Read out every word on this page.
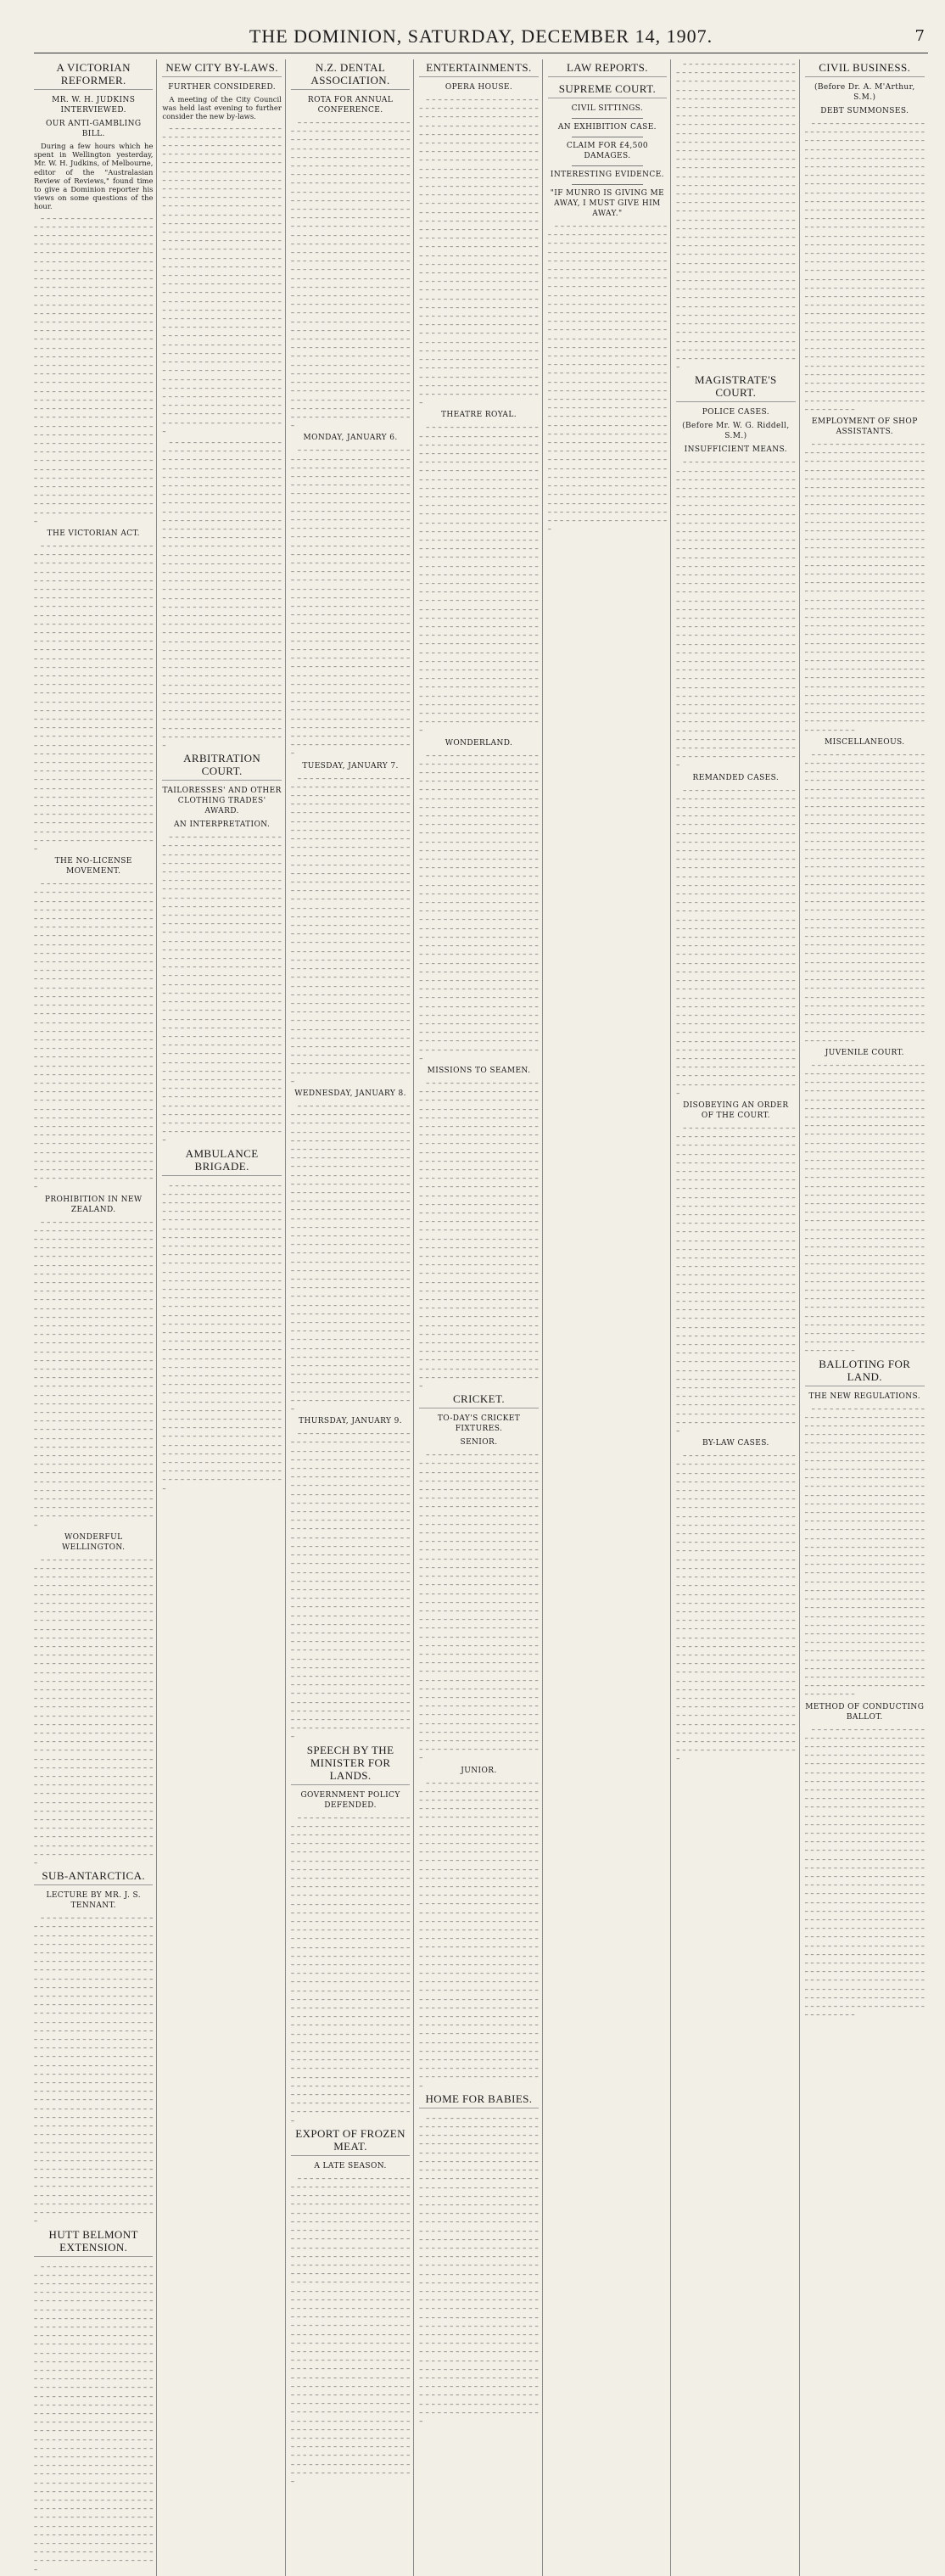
THE DOMINION, SATURDAY, DECEMBER 14, 1907.	7
A VICTORIAN REFORMER.
MR. W. H. JUDKINS INTERVIEWED.
OUR ANTI-GAMBLING BILL.

During a few hours which he spent in Wellington yesterday, Mr. W. H. Judkins, of Melbourne, editor of the "Australasian Review of Reviews," found time to give a Dominion reporter his views on some questions of the hour.

– – – – – – – – – – – – – – – – – – – – – – – – – – – – – – – – – – – – – – – – – – – – – – – – – – – – – – – – – – – – – – – – – – – – – – – – – – – – – – – – – – – – – – – – – – – – – – – – – – – – – – – – – – – – – – – – – – – – – – – – – – – – – – – – – – – – – – – – – – – – – – – – – – – – – – – – – – – – – – – – – – – – – – – – – – – – – – – – – – – – – – – – – – – – – – – – – – – – – – – – – – – – – – – – – – – – – – – – – – – – – – – – – – – – – – – – – – – – – – – – – – – – – – – – – – – – – – – – – – – – – – – – – – – – – – – – – – – – – – – – – – – – – – – – – – – – – – – – – – – – – – – – – – – – – – – – – – – – – – – – – – – – – – – – – – – – – – – – – – – – – – – – – – – – – – – – – – – – – – – – – – – – – – – – – – – – – – – – – – – – – – – – – – – – – – – – – – – – – – – – – – – – – – – – – – – – – – – – – – – – – – – – – – – – – – – – – – – – – – – – – – – – – – – – – – – – – – – – – – – – – – – – – – – – – – – – – – – – – – – – – – – – – – – – – – – – – – – – – – – – – – – – – – – – – – – – – – – – – – – – – – – – – – – – – – – – – – – – – – – – – – – – – – – – – – – – – – – – – – – – – – – – – – – – – – – – – – – – – – – – – – – – – – – – – – – – – – – – – – – – – – – – – – – – – – – – – – – – – – – – – – – – – – – – – – – – – – – – – – – – – – – – – – – – – – – – – – – – – – – – – – – – – – – – – – – – – – – – – – – – – – – – – – – – – – – – – – – – – – – –

THE VICTORIAN ACT.

– – – – – – – – – – – – – – – – – – – – – – – – – – – – – – – – – – – – – – – – – – – – – – – – – – – – – – – – – – – – – – – – – – – – – – – – – – – – – – – – – – – – – – – – – – – – – – – – – – – – – – – – – – – – – – – – – – – – – – – – – – – – – – – – – – – – – – – – – – – – – – – – – – – – – – – – – – – – – – – – – – – – – – – – – – – – – – – – – – – – – – – – – – – – – – – – – – – – – – – – – – – – – – – – – – – – – – – – – – – – – – – – – – – – – – – – – – – – – – – – – – – – – – – – – – – – – – – – – – – – – – – – – – – – – – – – – – – – – – – – – – – – – – – – – – – – – – – – – – – – – – – – – – – – – – – – – – – – – – – – – – – – – – – – – – – – – – – – – – – – – – – – – – – – – – – – – – – – – – – – – – – – – – – – – – – – – – – – – – – – – – – – – – – – – – – – – – – – – – – – – – – – – – – – – – – – – – – – – – – – – – – – – – – – – – – – – – – – – – – – – – – – – – – – – – – – – – – – – – – – – – – – – – – – – – – – – – – – – – – – – – – – – – – – – – – – – – – – – – – – – – – – – – – – – – – – – – – – – – – – – – – – – – – – – – – – – – – – – – – – – – – – – – – – – – – – – – – – – – – – – – – – – – – – – – – – – – – – – – – – – – – – – – – – – – – – – – – – – – – – – – – – – – – – – – – – – – – – – – – – – – – – – – – – – – – – – – – – – – – – – – – – – – – – – – – – – – – – – – – – – – – – – – – – – – – – – – – – – – – – – – – – – – – – – – – – – – – – – – – –

THE NO-LICENSE MOVEMENT.

– – – – – – – – – – – – – – – – – – – – – – – – – – – – – – – – – – – – – – – – – – – – – – – – – – – – – – – – – – – – – – – – – – – – – – – – – – – – – – – – – – – – – – – – – – – – – – – – – – – – – – – – – – – – – – – – – – – – – – – – – – – – – – – – – – – – – – – – – – – – – – – – – – – – – – – – – – – – – – – – – – – – – – – – – – – – – – – – – – – – – – – – – – – – – – – – – – – – – – – – – – – – – – – – – – – – – – – – – – – – – – – – – – – – – – – – – – – – – – – – – – – – – – – – – – – – – – – – – – – – – – – – – – – – – – – – – – – – – – – – – – – – – – – – – – – – – – – – – – – – – – – – – – – – – – – – – – – – – – – – – – – – – – – – – – – – – – – – – – – – – – – – – – – – – – – – – – – – – – – – – – – – – – – – – – – – – – – – – – – – – – – – – – – – – – – – – – – – – – – – – – – – – – – – – – – – – – – – – – – – – – – – – – – – – – – – – – – – – – – – – – – – – – – – – – – – – – – – – – – – – – – – – – – – – – – – – – – – – – – – – – – – – – – – – – – – – – – – – – – – – – – – – – – – – – – – – – – – – – – – – – – – – – – – – – – – – – – – – – – – – – – – – – – – – – – – – – – – – – – – – – – – – – – – – – – – – – – – – – – – – – – – – – – – – – – – – – – – – – – – – – – – – – – – – – – – – – – – – – – – – – – – – – – – – – – – – – – – – – – – – – – – – – – – – – – – – – – – – – – – – – – – – – – – – – – – – – – – – – – – – – – – – – – – – – – – – – – – – – – –

PROHIBITION IN NEW ZEALAND.

– – – – – – – – – – – – – – – – – – – – – – – – – – – – – – – – – – – – – – – – – – – – – – – – – – – – – – – – – – – – – – – – – – – – – – – – – – – – – – – – – – – – – – – – – – – – – – – – – – – – – – – – – – – – – – – – – – – – – – – – – – – – – – – – – – – – – – – – – – – – – – – – – – – – – – – – – – – – – – – – – – – – – – – – – – – – – – – – – – – – – – – – – – – – – – – – – – – – – – – – – – – – – – – – – – – – – – – – – – – – – – – – – – – – – – – – – – – – – – – – – – – – – – – – – – – – – – – – – – – – – – – – – – – – – – – – – – – – – – – – – – – – – – – – – – – – – – – – – – – – – – – – – – – – – – – – – – – – – – – – – – – – – – – – – – – – – – – – – – – – – – – – – – – – – – – – – – – – – – – – – – – – – – – – – – – – – – – – – – – – – – – – – – – – – – – – – – – – – – – – – – – – – – – – – – – – – – – – – – – – – – – – – – – – – – – – – – – – – – – – – – – – – – – – – – – – – – – – – – – – – – – – – – – – – – – – – – – – – – – – – – – – – – – – – – – – – – – – – – – – – – – – – – – – – – – – – – – – – – – – – – – – – – – – – – – – – – – – – – – – – – – – – – – – – – – – – – – – – – – – – – – – – – – – – – – – – – – – – – – – – – – – – – – – – – – – – – – – – – – – – – – – – – – – – – – – – – – – – – – – – – – – – – – – – – – – – – – – – – – – – – – – – – – – – – – – – – – – – – – – – – – – – – – – – – – – – – – – – – – – – – – – – – – – – – – – – – – – – – – –

WONDERFUL WELLINGTON.

– – – – – – – – – – – – – – – – – – – – – – – – – – – – – – – – – – – – – – – – – – – – – – – – – – – – – – – – – – – – – – – – – – – – – – – – – – – – – – – – – – – – – – – – – – – – – – – – – – – – – – – – – – – – – – – – – – – – – – – – – – – – – – – – – – – – – – – – – – – – – – – – – – – – – – – – – – – – – – – – – – – – – – – – – – – – – – – – – – – – – – – – – – – – – – – – – – – – – – – – – – – – – – – – – – – – – – – – – – – – – – – – – – – – – – – – – – – – – – – – – – – – – – – – – – – – – – – – – – – – – – – – – – – – – – – – – – – – – – – – – – – – – – – – – – – – – – – – – – – – – – – – – – – – – – – – – – – – – – – – – – – – – – – – – – – – – – – – – – – – – – – – – – – – – – – – – – – – – – – – – – – – – – – – – – – – – – – – – – – – – – – – – – – – – – – – – – – – – – – – – – – – – – – – – – – – – – – – – – – – – – – – – – – – – – – – – – – – – – – – – – – – – – – – – – – – – – – – – – – – – – – – – – – – – – – – – – – – – – – – – – – – – – – – – – – – – – – – – – – – – – – – – – – – – – – – – – – – – – – – – – – – – – – – – – – – – – – – – – – – – – – – – – – – – – – – – – – – – – – – – – – – – – – – – – – – – – – – – – – – – – – – – – – – – – – – – – – – – – – – – – – – – – – – – – – – – – – – – – – – – – – – – – – – – – – – – – – – – – – – – – – – – – – – – – – – – – – – – – – – – – – – – – – – – – – – – – – – – – – – – – – – – – – – – – – – – – – – – – – –

SUB-ANTARCTICA.
LECTURE BY MR. J. S. TENNANT.

– – – – – – – – – – – – – – – – – – – – – – – – – – – – – – – – – – – – – – – – – – – – – – – – – – – – – – – – – – – – – – – – – – – – – – – – – – – – – – – – – – – – – – – – – – – – – – – – – – – – – – – – – – – – – – – – – – – – – – – – – – – – – – – – – – – – – – – – – – – – – – – – – – – – – – – – – – – – – – – – – – – – – – – – – – – – – – – – – – – – – – – – – – – – – – – – – – – – – – – – – – – – – – – – – – – – – – – – – – – – – – – – – – – – – – – – – – – – – – – – – – – – – – – – – – – – – – – – – – – – – – – – – – – – – – – – – – – – – – – – – – – – – – – – – – – – – – – – – – – – – – – – – – – – – – – – – – – – – – – – – – – – – – – – – – – – – – – – – – – – – – – – – – – – – – – – – – – – – – – – – – – – – – – – – – – – – – – – – – – – – – – – – – – – – – – – – – – – – – – – – – – – – – – – – – – – – – – – – – – – – – – – – – – – – – – – – – – – – – – – – – – – – – – – – – – – – – – – – – – – – – – – – – – – – – – – – – – – – – – – – – – – – – – – – – – – – – – – – – – – – – – – – – – – – – – – – – – – – – – – – – – – – – – – – – – – – – – – – – – – – – – – – – – – – – – – – – – – – – – – – – – – – – – – – – – – – – – – – – – – – – – – – – – – – – – – – – – – – – – – – – – – – – – – – – – – – – – – – – – – – – – – – – – – – – – – – – – – – – – – – – – – – – – – – – – – – – – – – – – – – – – – – – – – – – – – – – – – – – – – – – – – – – – – – – – – – – – – – – – –

HUTT BELMONT EXTENSION.

– – – – – – – – – – – – – – – – – – – – – – – – – – – – – – – – – – – – – – – – – – – – – – – – – – – – – – – – – – – – – – – – – – – – – – – – – – – – – – – – – – – – – – – – – – – – – – – – – – – – – – – – – – – – – – – – – – – – – – – – – – – – – – – – – – – – – – – – – – – – – – – – – – – – – – – – – – – – – – – – – – – – – – – – – – – – – – – – – – – – – – – – – – – – – – – – – – – – – – – – – – – – – – – – – – – – – – – – – – – – – – – – – – – – – – – – – – – – – – – – – – – – – – – – – – – – – – – – – – – – – – – – – – – – – – – – – – – – – – – – – – – – – – – – – – – – – – – – – – – – – – – – – – – – – – – – – – – – – – – – – – – – – – – – – – – – – – – – – – – – – – – – – – – – – – – – – – – – – – – – – – – – – – – – – – – – – – – – – – – – – – – – – – – – – – – – – – – – – – – – – – – – – – – – – – – – – – – – – – – – – – – – – – – – – – – – – – – – – – – – – – – – – – – – – – – – – – – – – – – – – – – – – – – – – – – – – – – – – – – – – – – – – – – – – – – – – – – – – – – – – – – – – – – – – – – – – – – – – – – – – – – – – – – – – – – – – – – – – – – – – – – – – – – – – – – – – – – – – – – – – – – – – – – – – – – – – – – – – – – – – – – – – – – – – – – – – – – – – – – – – – – – – – – – – – – – – – – – – – – – – – – – – – – – – – – – – – – – – – – – – – – – – – – – – – – – – – – – – – – – – – – – – – – – – – – – – – – – – – – – – – – – – – – – – – – – – – – – – – – –

NEW CITY BY-LAWS.
FURTHER CONSIDERED.

A meeting of the City Council was held last evening to further consider the new by-laws.

– – – – – – – – – – – – – – – – – – – – – – – – – – – – – – – – – – – – – – – – – – – – – – – – – – – – – – – – – – – – – – – – – – – – – – – – – – – – – – – – – – – – – – – – – – – – – – – – – – – – – – – – – – – – – – – – – – – – – – – – – – – – – – – – – – – – – – – – – – – – – – – – – – – – – – – – – – – – – – – – – – – – – – – – – – – – – – – – – – – – – – – – – – – – – – – – – – – – – – – – – – – – – – – – – – – – – – – – – – – – – – – – – – – – – – – – – – – – – – – – – – – – – – – – – – – – – – – – – – – – – – – – – – – – – – – – – – – – – – – – – – – – – – – – – – – – – – – – – – – – – – – – – – – – – – – – – – – – – – – – – – – – – – – – – – – – – – – – – – – – – – – – – – – – – – – – – – – – – – – – – – – – – – – – – – – – – – – – – – – – – – – – – – – – – – – – – – – – – – – – – – – – – – – – – – – – – – – – – – – – – – – – – – – – – – – – – – – – – – – – – – – – – – – – – – – – – – – – – – – – – – – – – – – – – – – – – – – – – – – – – – – – – – – – – – – – – – – – – – – – – – – – – – – – – – – – – – – – – – – – – – – – – – – – – – – – – – – – – – – – – – – – – – – – – – – – – – – – – – – – – – – – – – – – – – – – – – – – – – – – – – – – – – – – – – – – – – – – – – – – – – – – – – – – – – – – – – – – – – – – – – – – – – – – – – – – – – – – – – – – – – – – – – – – – – – – – – – – – – – – – – – – – – – – – – – – – – – – – – – – – – – – – – – – – – – – – – – – – – – –

– – – – – – – – – – – – – – – – – – – – – – – – – – – – – – – – – – – – – – – – – – – – – – – – – – – – – – – – – – – – – – – – – – – – – – – – – – – – – – – – – – – – – – – – – – – – – – – – – – – – – – – – – – – – – – – – – – – – – – – – – – – – – – – – – – – – – – – – – – – – – – – – – – – – – – – – – – – – – – – – – – – – – – – – – – – – – – – – – – – – – – – – – – – – – – – – – – – – – – – – – – – – – – – – – – – – – – – – – – – – – – – – – – – – – – – – – – – – – – – – – – – – – – – – – – – – – – – – – – – – – – – – – – – – – – – – – – – – – – – – – – – – – – – – – – – – – – – – – – – – – – – – – – – – – – – – – – – – – – – – – – – – – – – – – – – – – – – – – – – – – – – – – – – – – – – – – – – – – – – – – – – – – – – – – – – – – – – – – – – – – – – – – – – – – – – – – – – – – – – – – – – – – – – – – – – – – – – – – – – – – – – – – – – – – – – – – – – – – – – – – – – – – – – – – – – – – – – – – – – – – – – – – – – – – – – – – – – – – – – – – – – – – – – – – – – – – – – – – – – – – – – – – – – – – – – – – – – – – – – – – – – – – – – – – – – – – – – – – – – – – – – – – – – – – – – – – – – – – – – – – – – – – – – – – – – – – – – – – – – – – – – – – – – – – – – – – – – – – – – – – – – – – – – – – – – – – – – – – – – – – – – – – – – – – – – – – – – – – – – – – – – – – – – – – – – – – – – – – – – – – – – – – – – – – – – – – – – – – – – – – – – – – – – – – – – – – – – – – – – –

ARBITRATION COURT.
TAILORESSES' AND OTHER CLOTHING TRADES' AWARD.
AN INTERPRETATION.

– – – – – – – – – – – – – – – – – – – – – – – – – – – – – – – – – – – – – – – – – – – – – – – – – – – – – – – – – – – – – – – – – – – – – – – – – – – – – – – – – – – – – – – – – – – – – – – – – – – – – – – – – – – – – – – – – – – – – – – – – – – – – – – – – – – – – – – – – – – – – – – – – – – – – – – – – – – – – – – – – – – – – – – – – – – – – – – – – – – – – – – – – – – – – – – – – – – – – – – – – – – – – – – – – – – – – – – – – – – – – – – – – – – – – – – – – – – – – – – – – – – – – – – – – – – – – – – – – – – – – – – – – – – – – – – – – – – – – – – – – – – – – – – – – – – – – – – – – – – – – – – – – – – – – – – – – – – – – – – – – – – – – – – – – – – – – – – – – – – – – – – – – – – – – – – – – – – – – – – – – – – – – – – – – – – – – – – – – – – – – – – – – – – – – – – – – – – – – – – – – – – – – – – – – – – – – – – – – – – – – – – – – – – – – – – – – – – – – – – – – – – – – – – – – – – – – – – – – – – – – – – – – – – – – – – – – – – – – – – – – – – – – – – – – – – – – – – – – – – – – – – – – – – – – – – – – – – – – – – – – – – – – – – – – – – – – – – – – – – – – – – – – – – – – – – – – – – – – – – – – – – – – – – – – – – – – – – – – – – – – – – – – – – – – – – – – – – – – – – – – – – – – – – – – – – – – – – – – – – – – – – – – – – – – – – – – – – – – – – – – – – – – – – – – – – – – – – – – – – – – – – – – – – – – – – – – – – – – – – – – – – – – – – – – – – – – – – – – – – –

AMBULANCE BRIGADE.

– – – – – – – – – – – – – – – – – – – – – – – – – – – – – – – – – – – – – – – – – – – – – – – – – – – – – – – – – – – – – – – – – – – – – – – – – – – – – – – – – – – – – – – – – – – – – – – – – – – – – – – – – – – – – – – – – – – – – – – – – – – – – – – – – – – – – – – – – – – – – – – – – – – – – – – – – – – – – – – – – – – – – – – – – – – – – – – – – – – – – – – – – – – – – – – – – – – – – – – – – – – – – – – – – – – – – – – – – – – – – – – – – – – – – – – – – – – – – – – – – – – – – – – – – – – – – – – – – – – – – – – – – – – – – – – – – – – – – – – – – – – – – – – – – – – – – – – – – – – – – – – – – – – – – – – – – – – – – – – – – – – – – – – – – – – – – – – – – – – – – – – – – – – – – – – – – – – – – – – – – – – – – – – – – – – – – – – – – – – – – – – – – – – – – – – – – – – – – – – – – – – – – – – – – – – – – – – – – – – – – – – – – – – – – – – – – – – – – – – – – – – – – – – – – – – – – – – – – – – – – – – – – – – – – – – – – – – – – – – – – – – – – – – – – – – – – – – – – – – – – – – – – – – – – – – – – – – – – – – – – – – – – – – – – – – – – – – – – – – – – – – – – – – – – – – – – – – – – – – – – – – – – – – – – – – – – – – – – – – – – – – – – – – – – – – – – – – – – – – – – – – – – – – – – – – – – – – – – – – – – – – – – – – – – – – – – – – – – – – – – – – – – – – – – – – – – – – – – – – – – – – – – – – – – – – – – – – – – – – – – – – – – – – – – – – – – – – – – – – –

N.Z. DENTAL ASSOCIATION.
ROTA FOR ANNUAL CONFERENCE.

– – – – – – – – – – – – – – – – – – – – – – – – – – – – – – – – – – – – – – – – – – – – – – – – – – – – – – – – – – – – – – – – – – – – – – – – – – – – – – – – – – – – – – – – – – – – – – – – – – – – – – – – – – – – – – – – – – – – – – – – – – – – – – – – – – – – – – – – – – – – – – – – – – – – – – – – – – – – – – – – – – – – – – – – – – – – – – – – – – – – – – – – – – – – – – – – – – – – – – – – – – – – – – – – – – – – – – – – – – – – – – – – – – – – – – – – – – – – – – – – – – – – – – – – – – – – – – – – – – – – – – – – – – – – – – – – – – – – – – – – – – – – – – – – – – – – – – – – – – – – – – – – – – – – – – – – – – – – – – – – – – – – – – – – – – – – – – – – – – – – – – – – – – – – – – – – – – – – – – – – – – – – – – – – – – – – – – – – – – – – – – – – – – – – – – – – – – – – – – – – – – – – – – – – – – – – – – – – – – – – – – – – – – – – – – – – – – – – – – – – – – – – – – – – – – – – – – – – – – – – – – – – – – – – – – – – – – – – – – – – – – – – – – – – – – – – – – – – – – – – – – – – – – – – – – – – – – – – – – – – – – – – – – – – – – – – – – – – – – – – – – – – – – – – – – – – – – – – – – – – – – – – – – – – – – – – – – – – – – – – – – – – – – – – – – – – – – – – – – – – – – – – – – – – – – – – – – – – – – – – – – – – – – – – – – – – – – – – – – – – – – – – – – – – – – – – – – – – – – – – – – – – – – – – – – – – – – – – – – – – – – – – – – – – – – – – – – – – – – – –

MONDAY, JANUARY 6.

– – – – – – – – – – – – – – – – – – – – – – – – – – – – – – – – – – – – – – – – – – – – – – – – – – – – – – – – – – – – – – – – – – – – – – – – – – – – – – – – – – – – – – – – – – – – – – – – – – – – – – – – – – – – – – – – – – – – – – – – – – – – – – – – – – – – – – – – – – – – – – – – – – – – – – – – – – – – – – – – – – – – – – – – – – – – – – – – – – – – – – – – – – – – – – – – – – – – – – – – – – – – – – – – – – – – – – – – – – – – – – – – – – – – – – – – – – – – – – – – – – – – – – – – – – – – – – – – – – – – – – – – – – – – – – – – – – – – – – – – – – – – – – – – – – – – – – – – – – – – – – – – – – – – – – – – – – – – – – – – – – – – – – – – – – – – – – – – – – – – – – – – – – – – – – – – – – – – – – – – – – – – – – – – – – – – – – – – – – – – – – – – – – – – – – – – – – – – – – – – – – – – – – – – – – – – – – – – – – – – – – – – – – – – – – – – – – – – – – – – – – – – – – – – – – – – – – – – – – – – – – – – – – – – – – – – – – – – – – – – – – – – – – – – – – – – – – – – – – – – – – – – – – – – – – – – – – – – – – – – – – – – – – – – – – – – – – – – – – – – – – – – – – – – – – – – – – – – – – – – – – – – – – – – – – – – – – – – – – – – – – – – – – – – – – – – – – – – – – – – – – – – – – – – – – – – – – – – – – – – – – – – – – – – – – – – – – – – – – – – – – – – – – – – – – – – – – – – – – – – – – – – – – – – – – – – – – – – – – – – – – – – – – – – – – – – – – – – – – – –

TUESDAY, JANUARY 7.

– – – – – – – – – – – – – – – – – – – – – – – – – – – – – – – – – – – – – – – – – – – – – – – – – – – – – – – – – – – – – – – – – – – – – – – – – – – – – – – – – – – – – – – – – – – – – – – – – – – – – – – – – – – – – – – – – – – – – – – – – – – – – – – – – – – – – – – – – – – – – – – – – – – – – – – – – – – – – – – – – – – – – – – – – – – – – – – – – – – – – – – – – – – – – – – – – – – – – – – – – – – – – – – – – – – – – – – – – – – – – – – – – – – – – – – – – – – – – – – – – – – – – – – – – – – – – – – – – – – – – – – – – – – – – – – – – – – – – – – – – – – – – – – – – – – – – – – – – – – – – – – – – – – – – – – – – – – – – – – – – – – – – – – – – – – – – – – – – – – – – – – – – – – – – – – – – – – – – – – – – – – – – – – – – – – – – – – – – – – – – – – – – – – – – – – – – – – – – – – – – – – – – – – – – – – – – – – – – – – – – – – – – – – – – – – – – – – – – – – – – – – – – – – – – – – – – – – – – – – – – – – – – – – – – – – – – – – – – – – – – – – – – – – – – – – – – – – – – – – – – – – – – – – – – – – – – – – – – – – – – – – – – – – – – – – – – – – – – – – – – – – – – – – – – – – – – – – – – – – – – – – – – – – – – – – – – – – – – – – – – – – – – – – – – – – – – – – – – – – – – – – – – – – – – – – – – – – – – – – – – – – – – – – – – – – – – – – – – – – – – – – – – – – – – – – – – – – – – – – – – – – – – – – – – – – – – – – – – – – – – – – – – – – – – – – – – – – – – – – –

WEDNESDAY, JANUARY 8.

– – – – – – – – – – – – – – – – – – – – – – – – – – – – – – – – – – – – – – – – – – – – – – – – – – – – – – – – – – – – – – – – – – – – – – – – – – – – – – – – – – – – – – – – – – – – – – – – – – – – – – – – – – – – – – – – – – – – – – – – – – – – – – – – – – – – – – – – – – – – – – – – – – – – – – – – – – – – – – – – – – – – – – – – – – – – – – – – – – – – – – – – – – – – – – – – – – – – – – – – – – – – – – – – – – – – – – – – – – – – – – – – – – – – – – – – – – – – – – – – – – – – – – – – – – – – – – – – – – – – – – – – – – – – – – – – – – – – – – – – – – – – – – – – – – – – – – – – – – – – – – – – – – – – – – – – – – – – – – – – – – – – – – – – – – – – – – – – – – – – – – – – – – – – – – – – – – – – – – – – – – – – – – – – – – – – – – – – – – – – – – – – – – – – – – – – – – – – – – – – – – – – – – – – – – – – – – – – – – – – – – – – – – – – – – – – – – – – – – – – – – – – – – – – – – – – – – – – – – – – – – – – – – – – – – – – – – – – – – – – – – – – – – – – – – – – – – – – – – – – – – – – – – – – – – – – – – – – – – – – – – – – – – – – – – – – – – – – – – – – – – – – – – – – – – – – – – – – – – – – – – – – – – – – – – – – – – – – – – – – – – – – – – – – – – – – – – – – – – – – – – – – – – – – – – – – – – – – – – – – – – – – – – – – – – – – – – – – – – – – – – – – – – – – – – – – – – – – – – – – – – – – – – – – – – – – – – – – – – – – – – – – – – – – – – – – – – – – – – – –

THURSDAY, JANUARY 9.

– – – – – – – – – – – – – – – – – – – – – – – – – – – – – – – – – – – – – – – – – – – – – – – – – – – – – – – – – – – – – – – – – – – – – – – – – – – – – – – – – – – – – – – – – – – – – – – – – – – – – – – – – – – – – – – – – – – – – – – – – – – – – – – – – – – – – – – – – – – – – – – – – – – – – – – – – – – – – – – – – – – – – – – – – – – – – – – – – – – – – – – – – – – – – – – – – – – – – – – – – – – – – – – – – – – – – – – – – – – – – – – – – – – – – – – – – – – – – – – – – – – – – – – – – – – – – – – – – – – – – – – – – – – – – – – – – – – – – – – – – – – – – – – – – – – – – – – – – – – – – – – – – – – – – – – – – – – – – – – – – – – – – – – – – – – – – – – – – – – – – – – – – – – – – – – – – – – – – – – – – – – – – – – – – – – – – – – – – – – – – – – – – – – – – – – – – – – – – – – – – – – – – – – – – – – – – – – – – – – – – – – – – – – – – – – – – – – – – – – – – – – – – – – – – – – – – – – – – – – – – – – – – – – – – – – – – – – – – – – – – – – – – – – – – – – – – – – – – – – – – – – – – – – – – – – – – – – – – – – – – – – – – – – – – – – – – – – – – – – – – – – – – – – – – – – – – – – – – – – – – – – – – – – – – – – – – – – – – – – – – – – – – – – – – – – – – – – – – – – – – – – – – – – – – – – – – – – – – – – – – – – – – – – – – – – – – – – – – – – – – – – – – – – – – – – – – – – – – – – – – – – – – – – – – – – – – – – – – – – – – – – – – – – – – – – – – – – – – – – –

SPEECH BY THE MINISTER FOR LANDS.
GOVERNMENT POLICY DEFENDED.

– – – – – – – – – – – – – – – – – – – – – – – – – – – – – – – – – – – – – – – – – – – – – – – – – – – – – – – – – – – – – – – – – – – – – – – – – – – – – – – – – – – – – – – – – – – – – – – – – – – – – – – – – – – – – – – – – – – – – – – – – – – – – – – – – – – – – – – – – – – – – – – – – – – – – – – – – – – – – – – – – – – – – – – – – – – – – – – – – – – – – – – – – – – – – – – – – – – – – – – – – – – – – – – – – – – – – – – – – – – – – – – – – – – – – – – – – – – – – – – – – – – – – – – – – – – – – – – – – – – – – – – – – – – – – – – – – – – – – – – – – – – – – – – – – – – – – – – – – – – – – – – – – – – – – – – – – – – – – – – – – – – – – – – – – – – – – – – – – – – – – – – – – – – – – – – – – – – – – – – – – – – – – – – – – – – – – – – – – – – – – – – – – – – – – – – – – – – – – – – – – – – – – – – – – – – – – – – – – – – – – – – – – – – – – – – – – – – – – – – – – – – – – – – – – – – – – – – – – – – – – – – – – – – – – – – – – – – – – – – – – – – – – – – – – – – – – – – – – – – – – – – – – – – – – – – – – – – – – – – – – – – – – – – – – – – – – – – – – – – – – – – – – – – – – – – – – – – – – – – – – – – – – – – – – – – – – – – – – – – – – – – – – – – – – – – – – – – – – – – – – – – – – – – – – – – – – – – – – – – – – – – – – – – – – – – – – – – – – – – – – – – – – – – – – – – – – – – – – – – – – – – – – – – – – – – – – – – – – – – – – – – – – – – – – – – – – – – – – – – –

EXPORT OF FROZEN MEAT.
A LATE SEASON.

– – – – – – – – – – – – – – – – – – – – – – – – – – – – – – – – – – – – – – – – – – – – – – – – – – – – – – – – – – – – – – – – – – – – – – – – – – – – – – – – – – – – – – – – – – – – – – – – – – – – – – – – – – – – – – – – – – – – – – – – – – – – – – – – – – – – – – – – – – – – – – – – – – – – – – – – – – – – – – – – – – – – – – – – – – – – – – – – – – – – – – – – – – – – – – – – – – – – – – – – – – – – – – – – – – – – – – – – – – – – – – – – – – – – – – – – – – – – – – – – – – – – – – – – – – – – – – – – – – – – – – – – – – – – – – – – – – – – – – – – – – – – – – – – – – – – – – – – – – – – – – – – – – – – – – – – – – – – – – – – – – – – – – – – – – – – – – – – – – – – – – – – – – – – – – – – – – – – – – – – – – – – – – – – – – – – – – – – – – – – – – – – – – – – – – – – – – – – – – – – – – – – – – – – – – – – – – – – – – – – – – – – – – – – – – – – – – – – – – – – – – – – – – – – – – – – – – – – – – – – – – – – – – – – – – – – – – – – – – – – – – – – – – – – – – – – – – – – – – – – – – – – – – – – – – – – – – – – – – – – – – – – – – – – – – – – – – – – – – – – – – – – – – – – – – – – – – – – – – – – – – – – – – – – – – – – – – – – – – – – – – – – – – – – – – – – – – – – – – – – – – – – – – – – – – – – – – – – – – – – – – – – – – – – – – – – – – – – – – – – – – – – – – – – – – – – – – – – – – – – – – – – – – – – – – – – – – – – – – – – – – – – – – – – – – – – – – – – – – – –

ENTERTAINMENTS.
OPERA HOUSE.

– – – – – – – – – – – – – – – – – – – – – – – – – – – – – – – – – – – – – – – – – – – – – – – – – – – – – – – – – – – – – – – – – – – – – – – – – – – – – – – – – – – – – – – – – – – – – – – – – – – – – – – – – – – – – – – – – – – – – – – – – – – – – – – – – – – – – – – – – – – – – – – – – – – – – – – – – – – – – – – – – – – – – – – – – – – – – – – – – – – – – – – – – – – – – – – – – – – – – – – – – – – – – – – – – – – – – – – – – – – – – – – – – – – – – – – – – – – – – – – – – – – – – – – – – – – – – – – – – – – – – – – – – – – – – – – – – – – – – – – – – – – – – – – – – – – – – – – – – – – – – – – – – – – – – – – – – – – – – – – – – – – – – – – – – – – – – – – – – – – – – – – – – – – – – – – – – – – – – – – – – – – – – – – – – – – – – – – – – – – – – – – – – – – – – – – – – – – – – – – – – – – – – – – – – – – – – – – – – – – – – – – – – – – – – – – – – – – – – – – – – – – – – – – – – – – – – – – – – – – – – – – – – – – – – – – – – – – – – – – – – – – – – – – – – – – – – – – – – – – – – – – – – – – – – – – – – – – – – – – – – – – – – – – – – – – – – – – – – – – – – – – – – – – – – – – – – – – – – – – – – – – – – – – – – – – – – – – – – – – – – – – – – – – – – – – – – – – – – – – – – – – – – – – – – – – – – – – – – – – – – – – – – – – – – – – – – – – – – – – – – – – – – – – – – – – – – – – – – – – – – – – – – – – – – – – – – – – – – – – – – – – – – – – – – – – – – – – – – – – –

THEATRE ROYAL.

– – – – – – – – – – – – – – – – – – – – – – – – – – – – – – – – – – – – – – – – – – – – – – – – – – – – – – – – – – – – – – – – – – – – – – – – – – – – – – – – – – – – – – – – – – – – – – – – – – – – – – – – – – – – – – – – – – – – – – – – – – – – – – – – – – – – – – – – – – – – – – – – – – – – – – – – – – – – – – – – – – – – – – – – – – – – – – – – – – – – – – – – – – – – – – – – – – – – – – – – – – – – – – – – – – – – – – – – – – – – – – – – – – – – – – – – – – – – – – – – – – – – – – – – – – – – – – – – – – – – – – – – – – – – – – – – – – – – – – – – – – – – – – – – – – – – – – – – – – – – – – – – – – – – – – – – – – – – – – – – – – – – – – – – – – – – – – – – – – – – – – – – – – – – – – – – – – – – – – – – – – – – – – – – – – – – – – – – – – – – – – – – – – – – – – – – – – – – – – – – – – – – – – – – – – – – – – – – – – – – – – – – – – – – – – – – – – – – – – – – – – – – – – – – – – – – – – – – – – – – – – – – – – – – – – – – – – – – – – – – – – – – – – – – – – – – – – – – – – – – – – – – – – – – – – – – – – – – – – – – – – – – – – – – – – – – – – – – – – – – – – – – – – – – – – – – – – – – – – – – – – – – – – – – – – – – – – – – – – – – – – – – – – – – – – – – – – – – – – – – – – – – – – – – – – – – – – – – – – – – – – – – – – – – – – – – – – – – – – – – – – – – – – – – – – – – – – – – – – – – – – – – – – – – – – – – – – – – – – – – – – – – – – – – – – – – – – – – – – – –

WONDERLAND.

– – – – – – – – – – – – – – – – – – – – – – – – – – – – – – – – – – – – – – – – – – – – – – – – – – – – – – – – – – – – – – – – – – – – – – – – – – – – – – – – – – – – – – – – – – – – – – – – – – – – – – – – – – – – – – – – – – – – – – – – – – – – – – – – – – – – – – – – – – – – – – – – – – – – – – – – – – – – – – – – – – – – – – – – – – – – – – – – – – – – – – – – – – – – – – – – – – – – – – – – – – – – – – – – – – – – – – – – – – – – – – – – – – – – – – – – – – – – – – – – – – – – – – – – – – – – – – – – – – – – – – – – – – – – – – – – – – – – – – – – – – – – – – – – – – – – – – – – – – – – – – – – – – – – – – – – – – – – – – – – – – – – – – – – – – – – – – – – – – – – – – – – – – – – – – – – – – – – – – – – – – – – – – – – – – – – – – – – – – – – – – – – – – – – – – – – – – – – – – – – – – – – – – – – – – – – – – – – – – – – – – – – – – – – – – – – – – – – – – – – – – – – – – – – – – – – – – – – – – – – – – – – – – – – – – – – – – – – – – – – – – – – – – – – – – – – – – – – – – – – – – – – – – – – – – – – – – – – – – – – – – – – – – – – – – – – – – – – – – – – – – – – – – – – – – – – – – – – – – – – – – – – – – – – – – – – – – – – – – – – – – – – – – – – – – – – – – – – – – – – – – – – – – – – – – – – – – – – – – – – – – – – – – – – – – – – – – – – – – – – – – – – – – – – – – – – – – – – – – – – – – – – – – – – – – – – – – – – – – – – – – – – – – – – – – – – – – – – – – – –

MISSIONS TO SEAMEN.

– – – – – – – – – – – – – – – – – – – – – – – – – – – – – – – – – – – – – – – – – – – – – – – – – – – – – – – – – – – – – – – – – – – – – – – – – – – – – – – – – – – – – – – – – – – – – – – – – – – – – – – – – – – – – – – – – – – – – – – – – – – – – – – – – – – – – – – – – – – – – – – – – – – – – – – – – – – – – – – – – – – – – – – – – – – – – – – – – – – – – – – – – – – – – – – – – – – – – – – – – – – – – – – – – – – – – – – – – – – – – – – – – – – – – – – – – – – – – – – – – – – – – – – – – – – – – – – – – – – – – – – – – – – – – – – – – – – – – – – – – – – – – – – – – – – – – – – – – – – – – – – – – – – – – – – – – – – – – – – – – – – – – – – – – – – – – – – – – – – – – – – – – – – – – – – – – – – – – – – – – – – – – – – – – – – – – – – – – – – – – – – – – – – – – – – – – – – – – – – – – – – – – – – – – – – – – – – – – – – – – – – – – – – – – – – – – – – – – – – – – – – – – – – – – – – – – – – – – – – – – – – – – – – – – – – – – – – – – – – – – – – – – – – – – – – – – – – – – – – – – – – – – – – – – – – – – – – – – – – – – – – – – – – – – – – – – – – – – – – – – – – – – – – – – – – – – – – – – – – – – – – – – – – – – – – – – – – – – – – – – – – – – – – – – – – – – – – – – – – – – – – – – – – – – – – – – – – – – – – – – – – – – – – – – – – – – – – – – – – – – – – – – – – – – – – – – – – – – – – – – – – – – – – – – – – – – – – – – – – – – – – – – – – – – – – – – – – – – – – –

CRICKET.
TO-DAY'S CRICKET FIXTURES.
SENIOR.

– – – – – – – – – – – – – – – – – – – – – – – – – – – – – – – – – – – – – – – – – – – – – – – – – – – – – – – – – – – – – – – – – – – – – – – – – – – – – – – – – – – – – – – – – – – – – – – – – – – – – – – – – – – – – – – – – – – – – – – – – – – – – – – – – – – – – – – – – – – – – – – – – – – – – – – – – – – – – – – – – – – – – – – – – – – – – – – – – – – – – – – – – – – – – – – – – – – – – – – – – – – – – – – – – – – – – – – – – – – – – – – – – – – – – – – – – – – – – – – – – – – – – – – – – – – – – – – – – – – – – – – – – – – – – – – – – – – – – – – – – – – – – – – – – – – – – – – – – – – – – – – – – – – – – – – – – – – – – – – – – – – – – – – – – – – – – – – – – – – – – – – – – – – – – – – – – – – – – – – – – – – – – – – – – – – – – – – – – – – – – – – – – – – – – – – – – – – – – – – – – – – – – – – – – – – – – – – – – – – – – – – – – – – – – – – – – – – – – – – – – – – – – – – – – – – – – – – – – – – – – – – – – – – – – – – – – – – – – – – – – – – – – – – – – – – – – – – – – – – – – – – – – – – – – – – – – – – – – – – – – – – – – – – – – – – – – – – – – – – – – – – – – – – – – – – – – – – – – – – – – – – – – – – – – – – – – – – – – – – – – – – – – – – – – – – – – – – – – – – – – – – – – – – – – – – – – – – – – – – – – – – – – – – – – – – – – – – – – – – – – – – – – – – – – – – – – – – – – – – – – – – – – – – – – – – – – – – – – – – – – – – – – – – – – – – – – – – – – – – –

JUNIOR.

– – – – – – – – – – – – – – – – – – – – – – – – – – – – – – – – – – – – – – – – – – – – – – – – – – – – – – – – – – – – – – – – – – – – – – – – – – – – – – – – – – – – – – – – – – – – – – – – – – – – – – – – – – – – – – – – – – – – – – – – – – – – – – – – – – – – – – – – – – – – – – – – – – – – – – – – – – – – – – – – – – – – – – – – – – – – – – – – – – – – – – – – – – – – – – – – – – – – – – – – – – – – – – – – – – – – – – – – – – – – – – – – – – – – – – – – – – – – – – – – – – – – – – – – – – – – – – – – – – – – – – – – – – – – – – – – – – – – – – – – – – – – – – – – – – – – – – – – – – – – – – – – – – – – – – – – – – – – – – – – – – – – – – – – – – – – – – – – – – – – – – – – – – – – – – – – – – – – – – – – – – – – – – – – – – – – – – – – – – – – – – – – – – – – – – – – – – – – – – – – – – – – – – – – – – – – – – – – – – – – – – – – – – – – – – – – – – – – – – – – – – – – – – – – – – – – – – – – – – – – – – – – – – – – – – – – – – – – – – – – – – – – – – – – – – – – – – – – – – – – – – – – – – – – – – – – – – – – – – – – – – – – – – – – – – – – – – – – – – – – – – – – – – – – – – – – – – – – – – – – – – – – – – – – – – – – – – – – – – – – – – – – – – – – – – – – – – – – – – – – – – – – – – – – – – – – – – – – – – – – – – – – – – – – – – – – – – – – – – – – – – – – – – – – – – – – – – – – – – – – – – – – – – – – – – – – – – – – – – – – – – – – – – – – – – – – – – – – – – – –

HOME FOR BABIES.

– – – – – – – – – – – – – – – – – – – – – – – – – – – – – – – – – – – – – – – – – – – – – – – – – – – – – – – – – – – – – – – – – – – – – – – – – – – – – – – – – – – – – – – – – – – – – – – – – – – – – – – – – – – – – – – – – – – – – – – – – – – – – – – – – – – – – – – – – – – – – – – – – – – – – – – – – – – – – – – – – – – – – – – – – – – – – – – – – – – – – – – – – – – – – – – – – – – – – – – – – – – – – – – – – – – – – – – – – – – – – – – – – – – – – – – – – – – – – – – – – – – – – – – – – – – – – – – – – – – – – – – – – – – – – – – – – – – – – – – – – – – – – – – – – – – – – – – – – – – – – – – – – – – – – – – – – – – – – – – – – – – – – – – – – – – – – – – – – – – – – – – – – – – – – – – – – – – – – – – – – – – – – – – – – – – – – – – – – – – – – – – – – – – – – – – – – – – – – – – – – – – – – – – – – – – – – – – – – – – – – – – – – – – – – – – – – – – – – – – – – – – – – – – – – – – – – – – – – – – – – – – – – – – – – – – – – – – – – – – – – – – – – – – – – – – – – – – – – – – – – – – – – – – – – – – – – – – – – – – – – – – – – – – – – – – – – – – – – – – – – – – – – – – – – – – – – – – – – – – – – – – – – – – – – – – – – – – – – – – – – – – – – – – – – – – – – – – – – – – – – – – – – – – – – – – – – – – – – – – – – – – – – – – – – – – – – – – – – – – – – – – – – – – – – – – – – – – – – – – – – – – – – – – – – – – – – – – – – – – – – – – – – – – – – – – – – – – – – – – –

LAW REPORTS.
SUPREME COURT.
CIVIL SITTINGS.
AN EXHIBITION CASE.
CLAIM FOR £4,500 DAMAGES.
INTERESTING EVIDENCE.
"IF MUNRO IS GIVING ME AWAY, I MUST GIVE HIM AWAY."

– – – – – – – – – – – – – – – – – – – – – – – – – – – – – – – – – – – – – – – – – – – – – – – – – – – – – – – – – – – – – – – – – – – – – – – – – – – – – – – – – – – – – – – – – – – – – – – – – – – – – – – – – – – – – – – – – – – – – – – – – – – – – – – – – – – – – – – – – – – – – – – – – – – – – – – – – – – – – – – – – – – – – – – – – – – – – – – – – – – – – – – – – – – – – – – – – – – – – – – – – – – – – – – – – – – – – – – – – – – – – – – – – – – – – – – – – – – – – – – – – – – – – – – – – – – – – – – – – – – – – – – – – – – – – – – – – – – – – – – – – – – – – – – – – – – – – – – – – – – – – – – – – – – – – – – – – – – – – – – – – – – – – – – – – – – – – – – – – – – – – – – – – – – – – – – – – – – – – – – – – – – – – – – – – – – – – – – – – – – – – – – – – – – – – – – – – – – – – – – – – – – – – – – – – – – – – – – – – – – – – – – – – – – – – – – – – – – – – – – – – – – – – – – – – – – – – – – – – – – – – – – – – – – – – – – – – – – – – – – – – – – – – – – – – – – – – – – – – – – – – – – – – – – – – – – – – – – – – – – – – – – – – – – – – – – – – – – – – – – – – – – – – – – – – – – – – – – – – – – – – – – – – – – – – – – – – – – – – – – – – – – – – – – – – – – – – – – – – – – – – – – – – – – – – – – – – – – – – – – – – – – – – – – – – – – – – – – – – – – – – – – – – – – – – – – – – – – – – – – – – – – – – – – – – – – – – – – – – – – – – – – – – – – – – – – – – – – – – – – –

– – – – – – – – – – – – – – – – – – – – – – – – – – – – – – – – – – – – – – – – – – – – – – – – – – – – – – – – – – – – – – – – – – – – – – – – – – – – – – – – – – – – – – – – – – – – – – – – – – – – – – – – – – – – – – – – – – – – – – – – – – – – – – – – – – – – – – – – – – – – – – – – – – – – – – – – – – – – – – – – – – – – – – – – – – – – – – – – – – – – – – – – – – – – – – – – – – – – – – – – – – – – – – – – – – – – – – – – – – – – – – – – – – – – – – – – – – – – – – – – – – – – – – – – – – – – – – – – – – – – – – – – – – – – – – – – – – – – – – – – – – – – – – – – – – – – – – – – – – – – – – – – – – – – – – – – – – – – – – – – – – – – – – – – – – – – – – – – – – – – – – – – – – – – – – – – – – – – – – – – – – – – – – – – – – – – – – – – – – – – – – – – – – – – – – – – – – – – – – – – – – – – – – – – – – – – – – – – – – – – – – – – – – – – – – – – – – – – – – – – – – – – – – – – – – – – – – – – – – – – – – – – – – – – – – – – – – – – – – – – – – – – – – – – – – – – – – – – – – – – – – – – – – – – – – – – – – – – – – – – – – – – – – – – – – – – – – – – – – – – – – – – – – – – – – – – – – – – – – – – – – – – – – – – – – – – – – – – – – – – – – – – – – – – – – – – – – – – – – – – – – – – – – – – – – – – – – – – – – – – – – – – – – – – – – – – – – – – – – – – – – – – – – – – – – – – – – – – – – – – – – – – – – – – – – – – – – – – – – – – – – – – – – – – – – – – – – – – – – – –

MAGISTRATE'S COURT.
POLICE CASES.
(Before Mr. W. G. Riddell, S.M.)
INSUFFICIENT MEANS.

– – – – – – – – – – – – – – – – – – – – – – – – – – – – – – – – – – – – – – – – – – – – – – – – – – – – – – – – – – – – – – – – – – – – – – – – – – – – – – – – – – – – – – – – – – – – – – – – – – – – – – – – – – – – – – – – – – – – – – – – – – – – – – – – – – – – – – – – – – – – – – – – – – – – – – – – – – – – – – – – – – – – – – – – – – – – – – – – – – – – – – – – – – – – – – – – – – – – – – – – – – – – – – – – – – – – – – – – – – – – – – – – – – – – – – – – – – – – – – – – – – – – – – – – – – – – – – – – – – – – – – – – – – – – – – – – – – – – – – – – – – – – – – – – – – – – – – – – – – – – – – – – – – – – – – – – – – – – – – – – – – – – – – – – – – – – – – – – – – – – – – – – – – – – – – – – – – – – – – – – – – – – – – – – – – – – – – – – – – – – – – – – – – – – – – – – – – – – – – – – – – – – – – – – – – – – – – – – – – – – – – – – – – – – – – – – – – – – – – – – – – – – – – – – – – – – – – – – – – – – – – – – – – – – – – – – – – – – – – – – – – – – – – – – – – – – – – – – – – – – – – – – – – – – – – – – – – – – – – – – – – – – – – – – – – – – – – – – – – – – – – – – – – – – – – – – – – – – – – – – – – – – – – – – – – – – – – – – – – – – – – – – – – – – – – – – – – – – – – – – – – – – – – – – – – – – – – – – – – – – – – – – – – – – – – – – – – – – – – – – – – – – – – – – – – – – – – – – – – – – – – – – – – – – – – – – – – – – – – – – – – – – – – – – – – – – – – – – – – – –

REMANDED CASES.

– – – – – – – – – – – – – – – – – – – – – – – – – – – – – – – – – – – – – – – – – – – – – – – – – – – – – – – – – – – – – – – – – – – – – – – – – – – – – – – – – – – – – – – – – – – – – – – – – – – – – – – – – – – – – – – – – – – – – – – – – – – – – – – – – – – – – – – – – – – – – – – – – – – – – – – – – – – – – – – – – – – – – – – – – – – – – – – – – – – – – – – – – – – – – – – – – – – – – – – – – – – – – – – – – – – – – – – – – – – – – – – – – – – – – – – – – – – – – – – – – – – – – – – – – – – – – – – – – – – – – – – – – – – – – – – – – – – – – – – – – – – – – – – – – – – – – – – – – – – – – – – – – – – – – – – – – – – – – – – – – – – – – – – – – – – – – – – – – – – – – – – – – – – – – – – – – – – – – – – – – – – – – – – – – – – – – – – – – – – – – – – – – – – – – – – – – – – – – – – – – – – – – – – – – – – – – – – – – – – – – – – – – – – – – – – – – – – – – – – – – – – – – – – – – – – – – – – – – – – – – – – – – – – – – – – – – – – – – – – – – – – – – – – – – – – – – – – – – – – – – – – – – – – – – – – – – – – – – – – – – – – – – – – – – – – – – – – – – – – – – – – – – – – – – – – – – – – – – – – – – – – – – – – – – – – – – – – – – – – – – – – – – – – – – – – – – – – – – – – – – – – – – – – – – – – – – – – – – – – – – – – – – – – – – – – – – – – – – – – – – – – – – – – – – – – – – – – – – – – – – – – – – – – – – – – – – – – – – – – – – – – – – – – – – – – – – – – – – – – –

DISOBEYING AN ORDER OF THE COURT.

– – – – – – – – – – – – – – – – – – – – – – – – – – – – – – – – – – – – – – – – – – – – – – – – – – – – – – – – – – – – – – – – – – – – – – – – – – – – – – – – – – – – – – – – – – – – – – – – – – – – – – – – – – – – – – – – – – – – – – – – – – – – – – – – – – – – – – – – – – – – – – – – – – – – – – – – – – – – – – – – – – – – – – – – – – – – – – – – – – – – – – – – – – – – – – – – – – – – – – – – – – – – – – – – – – – – – – – – – – – – – – – – – – – – – – – – – – – – – – – – – – – – – – – – – – – – – – – – – – – – – – – – – – – – – – – – – – – – – – – – – – – – – – – – – – – – – – – – – – – – – – – – – – – – – – – – – – – – – – – – – – – – – – – – – – – – – – – – – – – – – – – – – – – – – – – – – – – – – – – – – – – – – – – – – – – – – – – – – – – – – – – – – – – – – – – – – – – – – – – – – – – – – – – – – – – – – – – – – – – – – – – – – – – – – – – – – – – – – – – – – – – – – – – – – – – – – – – – – – – – – – – – – – – – – – – – – – – – – – – – – – – – – – – – – – – – – – – – – – – – – – – – – – – – – – – – – – – – – – – – – – – – – – – – – – – – – – – – – – – – – – – – – – – – – – – – – – – – – – – – – – – – – – – – – – – – – – – – – – – – – – – – – – – – – – – – – – – – – – – – – – – – – – – – – – – – – – – – – – – – – – – – – – – – – – – – – – – – – – – – – – – – – – – – – – – – – – – – – – – – – – – – – – – – – – – – – – – – – – – – – – – – – – – – – – – – – – – – – – – –

BY-LAW CASES.

– – – – – – – – – – – – – – – – – – – – – – – – – – – – – – – – – – – – – – – – – – – – – – – – – – – – – – – – – – – – – – – – – – – – – – – – – – – – – – – – – – – – – – – – – – – – – – – – – – – – – – – – – – – – – – – – – – – – – – – – – – – – – – – – – – – – – – – – – – – – – – – – – – – – – – – – – – – – – – – – – – – – – – – – – – – – – – – – – – – – – – – – – – – – – – – – – – – – – – – – – – – – – – – – – – – – – – – – – – – – – – – – – – – – – – – – – – – – – – – – – – – – – – – – – – – – – – – – – – – – – – – – – – – – – – – – – – – – – – – – – – – – – – – – – – – – – – – – – – – – – – – – – – – – – – – – – – – – – – – – – – – – – – – – – – – – – – – – – – – – – – – – – – – – – – – – – – – – – – – – – – – – – – – – – – – – – – – – – – – – – – – – – – – – – – – – – – – – – – – – – – – – – – – – – – – – – – – – – – – – – – – – – – – – – – – – – – – – – – – – – – – – – – – – – – – – – – – – – – – – – – – – – – – – – – – – – – – – – – – – – – – – – – – – – – – – – – – – – – – – – – – – – – – – – – – – – – – – – – – – – – – – – – – – – – – – – – – – – – – – – – – – – – – – – – – – – – – – – – – – – – – – – – – – – – – – – – – – – – – – – – – – – – – – – – – – – – – – – – – – – – – – – – – – – – – – – – – – – – – – – – – – – – – – – – – – – – – – – – – – – – – – – – – – – – – – – – – – – – – – – – – – – – – – – – – – – – – – – – – – – – – – – – – – – – – – – – – – – – – –

CIVIL BUSINESS.
(Before Dr. A. M'Arthur, S.M.)
DEBT SUMMONSES.

– – – – – – – – – – – – – – – – – – – – – – – – – – – – – – – – – – – – – – – – – – – – – – – – – – – – – – – – – – – – – – – – – – – – – – – – – – – – – – – – – – – – – – – – – – – – – – – – – – – – – – – – – – – – – – – – – – – – – – – – – – – – – – – – – – – – – – – – – – – – – – – – – – – – – – – – – – – – – – – – – – – – – – – – – – – – – – – – – – – – – – – – – – – – – – – – – – – – – – – – – – – – – – – – – – – – – – – – – – – – – – – – – – – – – – – – – – – – – – – – – – – – – – – – – – – – – – – – – – – – – – – – – – – – – – – – – – – – – – – – – – – – – – – – – – – – – – – – – – – – – – – – – – – – – – – – – – – – – – – – – – – – – – – – – – – – – – – – – – – – – – – – – – – – – – – – – – – – – – – – – – – – – – – – – – – – – – – – – – – – – – – – – – – – – – – – – – – – – – – – – – – – – – – – – – – – – – – – – – – – – – – – – – – – – – – – – – – – – – – – – – – – – – – – – – – – – – – – – – – – – – – – – – – – – – – – – – – – – – – – – – – – – – – – – – – – – – – – – – – – – – – – – – – – – – – – – – – – – – – – – – – – – – – – – – – – – – – – – – – – – – – – – – – – – – – – – – – – – – – – – – – – – – – – – – – – – – – – – – – – – – – – – – – – – – – – – – – – – – – – – – – – – – – – – – – – – – – – – – – – – – – – – – – – – – – – – – – – – – – – – – – – – – – – – – – – – – – – – – – – – – – – – – – – – – – – – – – – – – – – – – – – – – – – – – – – – – – – – – – –

EMPLOYMENT OF SHOP ASSISTANTS.

– – – – – – – – – – – – – – – – – – – – – – – – – – – – – – – – – – – – – – – – – – – – – – – – – – – – – – – – – – – – – – – – – – – – – – – – – – – – – – – – – – – – – – – – – – – – – – – – – – – – – – – – – – – – – – – – – – – – – – – – – – – – – – – – – – – – – – – – – – – – – – – – – – – – – – – – – – – – – – – – – – – – – – – – – – – – – – – – – – – – – – – – – – – – – – – – – – – – – – – – – – – – – – – – – – – – – – – – – – – – – – – – – – – – – – – – – – – – – – – – – – – – – – – – – – – – – – – – – – – – – – – – – – – – – – – – – – – – – – – – – – – – – – – – – – – – – – – – – – – – – – – – – – – – – – – – – – – – – – – – – – – – – – – – – – – – – – – – – – – – – – – – – – – – – – – – – – – – – – – – – – – – – – – – – – – – – – – – – – – – – – – – – – – – – – – – – – – – – – – – – – – – – – – – – – – – – – – – – – – – – – – – – – – – – – – – – – – – – – – – – – – – – – – – – – – – – – – – – – – – – – – – – – – – – – – – – – – – – – – – – – – – – – – – – – – – – – – – – – – – – – – – – – – – – – – – – – – – – – – – – – – – – – – – – – – – – – – – – – – – – – – – – – – – – – – – – – – – – – – – – – – – – – – – – – – – – – – – – – – – – – – – – – – – – – – – – – – – – – – – – – – – – – – – – – – – – – – – – – – – – – – – – – – – – – – – – – – – – – – – – – – – – – – – – – – – – – – – – – – – – – – – – – – – – – – – – – – – – – – – – – – – – – – – – – – – – – – – – – – –

MISCELLANEOUS.

– – – – – – – – – – – – – – – – – – – – – – – – – – – – – – – – – – – – – – – – – – – – – – – – – – – – – – – – – – – – – – – – – – – – – – – – – – – – – – – – – – – – – – – – – – – – – – – – – – – – – – – – – – – – – – – – – – – – – – – – – – – – – – – – – – – – – – – – – – – – – – – – – – – – – – – – – – – – – – – – – – – – – – – – – – – – – – – – – – – – – – – – – – – – – – – – – – – – – – – – – – – – – – – – – – – – – – – – – – – – – – – – – – – – – – – – – – – – – – – – – – – – – – – – – – – – – – – – – – – – – – – – – – – – – – – – – – – – – – – – – – – – – – – – – – – – – – – – – – – – – – – – – – – – – – – – – – – – – – – – – – – – – – – – – – – – – – – – – – – – – – – – – – – – – – – – – – – – – – – – – – – – – – – – – – – – – – – – – – – – – – – – – – – – – – – – – – – – – – – – – – – – – – – – – – – – – – – – – – – – – – – – – – – – – – – – – – – – – – – – – – – – – – – – – – – – – – – – – – – – – – – – – – – – – – – – – – – – – – – – – – – – – – – – – – – – – – – – – – – – – – – – – – – – – – – – – – – – – – – – – – – – – – – – – – – – – – – – – – – – – – – – – – – – – – – – – – – – – – – – – – – – – – – – – – – – – – – – – – – – – – – – – – – – – – – – – – – – – – – – – – – – – – – – – – – – – – – – – – – – – – – – – – – – – – – – – – – – – – – – – – – – – – – – – – – – – – – – – – – – – – – – – – – – – – – – – – – – – – – – – – – – – – – – – – – – – – – – – – – –

JUVENILE COURT.

– – – – – – – – – – – – – – – – – – – – – – – – – – – – – – – – – – – – – – – – – – – – – – – – – – – – – – – – – – – – – – – – – – – – – – – – – – – – – – – – – – – – – – – – – – – – – – – – – – – – – – – – – – – – – – – – – – – – – – – – – – – – – – – – – – – – – – – – – – – – – – – – – – – – – – – – – – – – – – – – – – – – – – – – – – – – – – – – – – – – – – – – – – – – – – – – – – – – – – – – – – – – – – – – – – – – – – – – – – – – – – – – – – – – – – – – – – – – – – – – – – – – – – – – – – – – – – – – – – – – – – – – – – – – – – – – – – – – – – – – – – – – – – – – – – – – – – – – – – – – – – – – – – – – – – – – – – – – – – – – – – – – – – – – – – – – – – – – – – – – – – – – – – – – – – – – – – – – – – – – – – – – – – – – – – – – – – – – – – – – – – – – – – – – – – – – – – – – – – – – – – – – – – – – – – – – – – – – – – – – – – – – – – – – – – – – – – – – – – – – – – – – – – – – – – – – – – – – – – – – – – – – – – – – – – – – – – – – – – – – – – – – – – – – – – – – – – – – – – – – – – – – – – – – – – – – – – – – – – – – – – – – – – – – – – – – – – – – – – – – – – – – – – – – – – – – – – – – – – – – – – – – – – – – – – – – – – – – – – – – – – – – – – – – – – – – – – – – – – – – – – – – – – – – – – – – – – – – – – – – – – – – – – – – – – – – – – – – – – – – – – – – – – – – – – – – – – – – – – – – – – – – – – – – – – – – – – – – – – – – – – – – – – – – – – – – – – – – – – – –

BALLOTING FOR LAND.
THE NEW REGULATIONS.

– – – – – – – – – – – – – – – – – – – – – – – – – – – – – – – – – – – – – – – – – – – – – – – – – – – – – – – – – – – – – – – – – – – – – – – – – – – – – – – – – – – – – – – – – – – – – – – – – – – – – – – – – – – – – – – – – – – – – – – – – – – – – – – – – – – – – – – – – – – – – – – – – – – – – – – – – – – – – – – – – – – – – – – – – – – – – – – – – – – – – – – – – – – – – – – – – – – – – – – – – – – – – – – – – – – – – – – – – – – – – – – – – – – – – – – – – – – – – – – – – – – – – – – – – – – – – – – – – – – – – – – – – – – – – – – – – – – – – – – – – – – – – – – – – – – – – – – – – – – – – – – – – – – – – – – – – – – – – – – – – – – – – – – – – – – – – – – – – – – – – – – – – – – – – – – – – – – – – – – – – – – – – – – – – – – – – – – – – – – – – – – – – – – – – – – – – – – – – – – – – – – – – – – – – – – – – – – – – – – – – – – – – – – – – – – – – – – – – – – – – – – – – – – – – – – – – – – – – – – – – – – – – – – – – – – – – – – – – – – – – – – – – – – – – – – – – – – – – – – – – – – – – – – – – – – – – – – – – – – – – – – – – – – – – – – – – – – – – – – – – – – – – – – – – – – – – – – – – – – – – – – – – – – – – – – – – – – – – – – – – – – – – – – – – – – – – – – – – – – – – – – – – – – – – – – – – – – – – – – – – – – – – – – – – – – – – – – – – – – – – – – – – – – – – – – – – – – – – – – – – – – – – – – – – – – – – – – – – – – – – – – – – – – – – – – – – – – – – – – –

METHOD OF CONDUCTING BALLOT.

– – – – – – – – – – – – – – – – – – – – – – – – – – – – – – – – – – – – – – – – – – – – – – – – – – – – – – – – – – – – – – – – – – – – – – – – – – – – – – – – – – – – – – – – – – – – – – – – – – – – – – – – – – – – – – – – – – – – – – – – – – – – – – – – – – – – – – – – – – – – – – – – – – – – – – – – – – – – – – – – – – – – – – – – – – – – – – – – – – – – – – – – – – – – – – – – – – – – – – – – – – – – – – – – – – – – – – – – – – – – – – – – – – – – – – – – – – – – – – – – – – – – – – – – – – – – – – – – – – – – – – – – – – – – – – – – – – – – – – – – – – – – – – – – – – – – – – – – – – – – – – – – – – – – – – – – – – – – – – – – – – – – – – – – – – – – – – – – – – – – – – – – – – – – – – – – – – – – – – – – – – – – – – – – – – – – – – – – – – – – – – – – – – – – – – – – – – – – – – – – – – – – – – – – – – – – – – – – – – – – – – – – – – – – – – – – – – – – – – – – – – – – – – – – – – – – – – – – – – – – – – – – – – – – – – – – – – – – – – – – – – – – – – – – – – – – – – – – – – – – – – – – – – – – – – – – – – – – – – – – – – – – – – – – – – – – – – – – – – – – – – – – – – – – – – – – – – – – – – – – – – – – – – – – – – – – – – – – – – – – – – – – – – – – – – – – – – – – – – – – – – – – – – – – – – – – – – – – – – – – – – – – – – – – – – – – – – – – – – – – – – – – – – – – – – – – – – – – – – – – – – – – – – – – – – – – – – – – – – – – – – – – – – – – – – – – – – – – – – – –
